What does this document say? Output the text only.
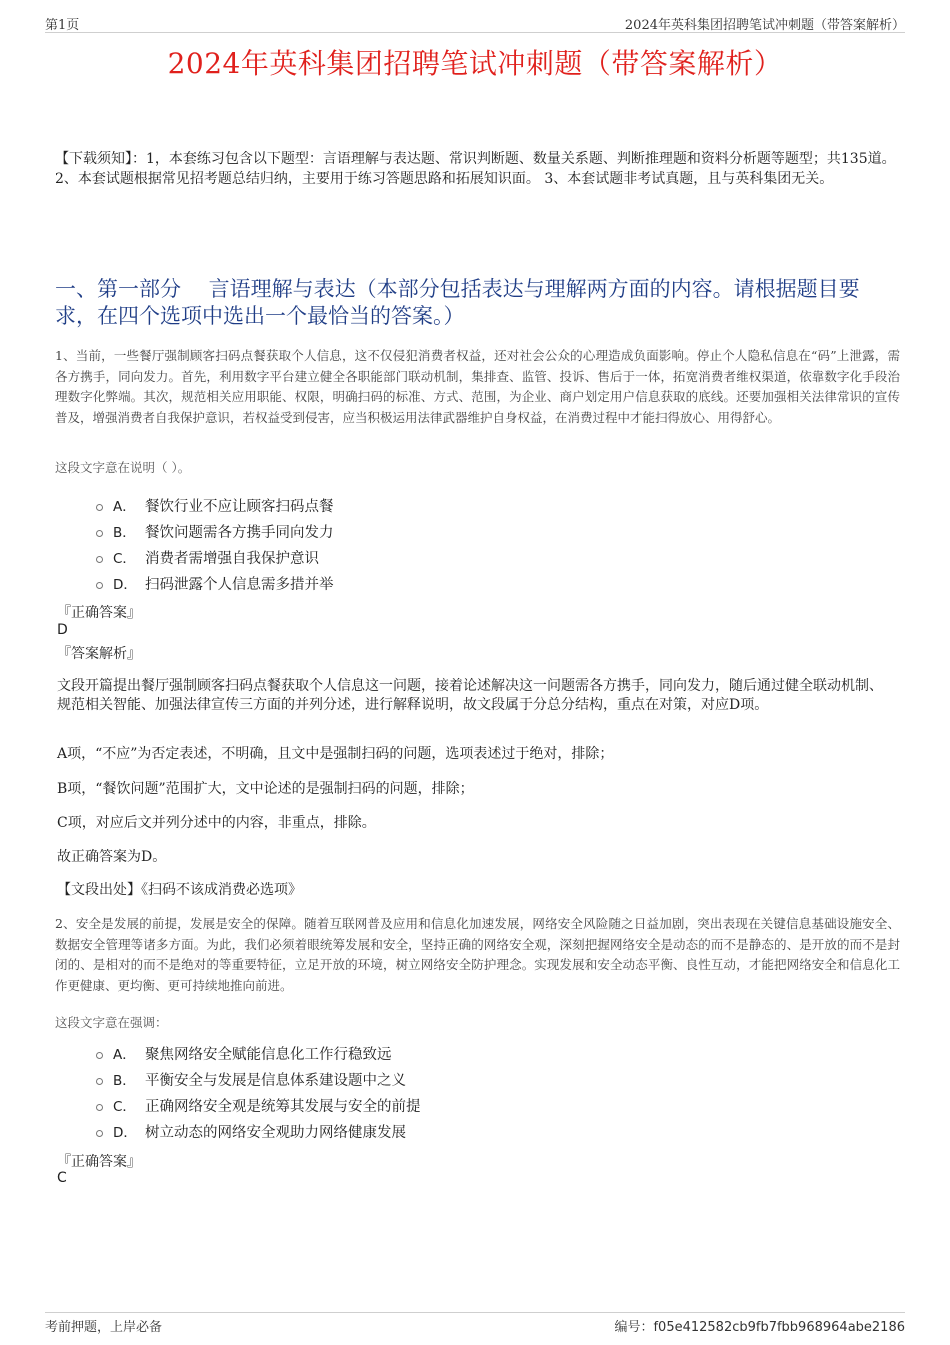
第1页	2024年英科集团招聘笔试冲刺题（带答案解析）
2024年英科集团招聘笔试冲刺题（带答案解析）
【下载须知】：1，本套练习包含以下题型：言语理解与表达题、常识判断题、数量关系题、判断推理题和资料分析题等题型；共135道。 2、本套试题根据常见招考题总结归纳，主要用于练习答题思路和拓展知识面。 3、本套试题非考试真题，且与英科集团无关。
一、第一部分　 言语理解与表达（本部分包括表达与理解两方面的内容。请根据题目要求，在四个选项中选出一个最恰当的答案。）
1、当前，一些餐厅强制顾客扫码点餐获取个人信息，这不仅侵犯消费者权益，还对社会公众的心理造成负面影响。停止个人隐私信息在“码”上泄露，需各方携手，同向发力。首先，利用数字平台建立健全各职能部门联动机制，集排查、监管、投诉、售后于一体，拓宽消费者维权渠道，依靠数字化手段治理数字化弊端。其次，规范相关应用职能、权限，明确扫码的标准、方式、范围，为企业、商户划定用户信息获取的底线。还要加强相关法律常识的宣传普及，增强消费者自我保护意识，若权益受到侵害，应当积极运用法律武器维护自身权益，在消费过程中才能扫得放心、用得舒心。
这段文字意在说明（ ）。
A． 餐饮行业不应让顾客扫码点餐
B． 餐饮问题需各方携手同向发力
C． 消费者需增强自我保护意识
D． 扫码泄露个人信息需多措并举
『正确答案』
D
『答案解析』
文段开篇提出餐厅强制顾客扫码点餐获取个人信息这一问题，接着论述解决这一问题需各方携手，同向发力，随后通过健全联动机制、规范相关智能、加强法律宣传三方面的并列分述，进行解释说明，故文段属于分总分结构，重点在对策，对应D项。
A项，“不应”为否定表述，不明确，且文中是强制扫码的问题，选项表述过于绝对，排除；
B项，“餐饮问题”范围扩大，文中论述的是强制扫码的问题，排除；
C项，对应后文并列分述中的内容，非重点，排除。
故正确答案为D。
【文段出处】《扫码不该成消费必选项》
2、安全是发展的前提，发展是安全的保障。随着互联网普及应用和信息化加速发展，网络安全风险随之日益加剧，突出表现在关键信息基础设施安全、数据安全管理等诸多方面。为此，我们必须着眼统筹发展和安全，坚持正确的网络安全观，深刻把握网络安全是动态的而不是静态的、是开放的而不是封闭的、是相对的而不是绝对的等重要特征，立足开放的环境，树立网络安全防护理念。实现发展和安全动态平衡、良性互动，才能把网络安全和信息化工作更健康、更均衡、更可持续地推向前进。
这段文字意在强调：
A． 聚焦网络安全赋能信息化工作行稳致远
B． 平衡安全与发展是信息体系建设题中之义
C． 正确网络安全观是统筹其发展与安全的前提
D． 树立动态的网络安全观助力网络健康发展
『正确答案』
C
考前押题，上岸必备	编号：f05e412582cb9fb7fbb968964abe2186
